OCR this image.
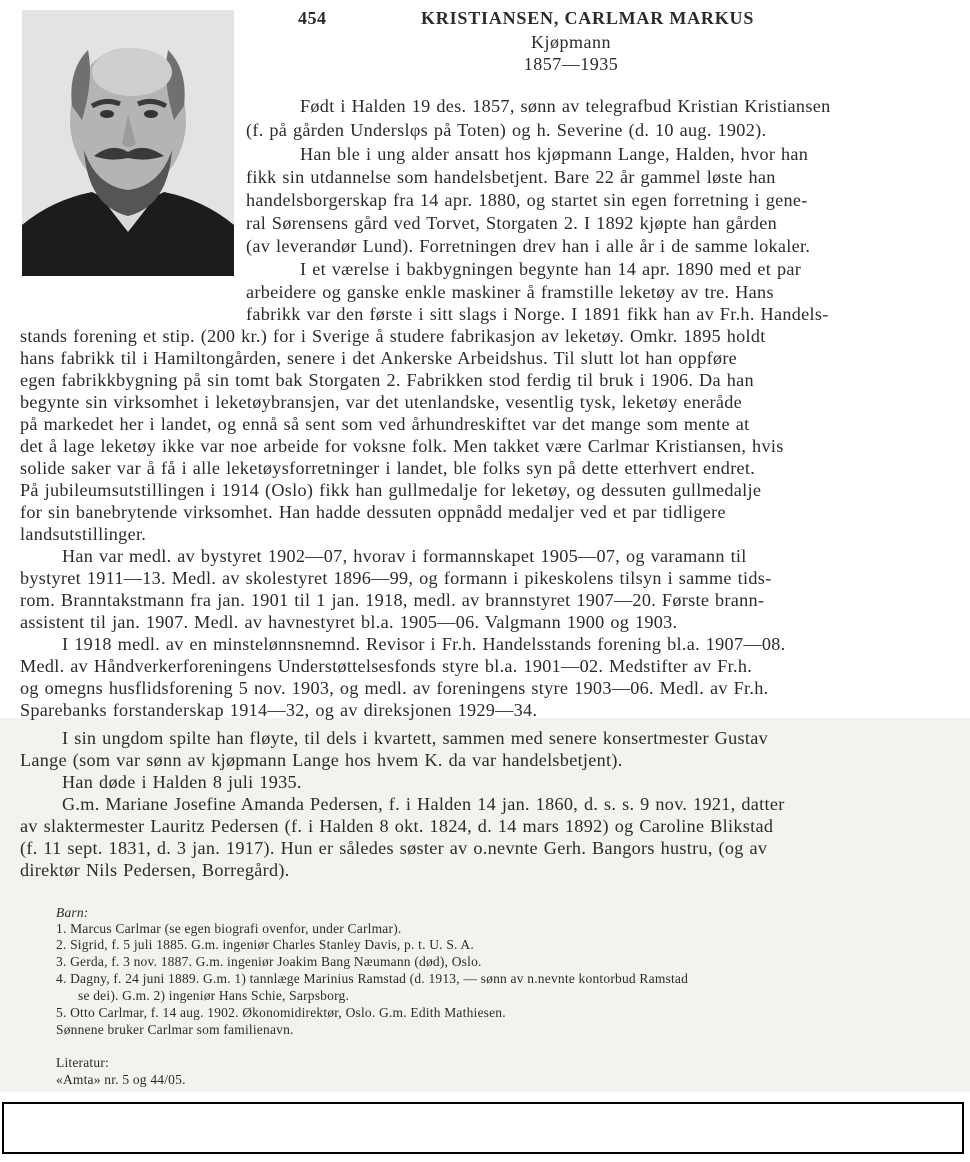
454	KRISTIANSEN, CARLMAR MARKUS
Kjøpmann
1857—1935
Født i Halden 19 des. 1857, sønn av telegrafbud Kristian Kristiansen
(f. på gården Underslφs på Toten) og h. Severine (d. 10 aug. 1902).
Han ble i ung alder ansatt hos kjøpmann Lange, Halden, hvor han
fikk sin utdannelse som handelsbetjent. Bare 22 år gammel løste han
handelsborgerskap fra 14 apr. 1880, og startet sin egen forretning i gene-
ral Sørensens gård ved Torvet, Storgaten 2. I 1892 kjøpte han gården
(av leverandør Lund). Forretningen drev han i alle år i de samme lokaler.
I et værelse i bakbygningen begynte han 14 apr. 1890 med et par
arbeidere og ganske enkle maskiner å framstille leketøy av tre. Hans
fabrikk var den første i sitt slags i Norge. I 1891 fikk han av Fr.h. Handels-
stands forening et stip. (200 kr.) for i Sverige å studere fabrikasjon av leketøy. Omkr. 1895 holdt
hans fabrikk til i Hamiltongården, senere i det Ankerske Arbeidshus. Til slutt lot han oppføre
egen fabrikkbygning på sin tomt bak Storgaten 2. Fabrikken stod ferdig til bruk i 1906. Da han
begynte sin virksomhet i leketøybransjen, var det utenlandske, vesentlig tysk, leketøy eneråde
på markedet her i landet, og ennå så sent som ved århundreskiftet var det mange som mente at
det å lage leketøy ikke var noe arbeide for voksne folk. Men takket være Carlmar Kristiansen, hvis
solide saker var å få i alle leketøysforretninger i landet, ble folks syn på dette etterhvert endret.
På jubileumsutstillingen i 1914 (Oslo) fikk han gullmedalje for leketøy, og dessuten gullmedalje
for sin banebrytende virksomhet. Han hadde dessuten oppnådd medaljer ved et par tidligere
landsutstillinger.
Han var medl. av bystyret 1902—07, hvorav i formannskapet 1905—07, og varamann til
bystyret 1911—13. Medl. av skolestyret 1896—99, og formann i pikeskolens tilsyn i samme tids-
rom. Branntakstmann fra jan. 1901 til 1 jan. 1918, medl. av brannstyret 1907—20. Første brann-
assistent til jan. 1907. Medl. av havnestyret bl.a. 1905—06. Valgmann 1900 og 1903.
I 1918 medl. av en minstelønnsnemnd. Revisor i Fr.h. Handelsstands forening bl.a. 1907—08.
Medl. av Håndverkerforeningens Understøttelsesfonds styre bl.a. 1901—02. Medstifter av Fr.h.
og omegns husflidsforening 5 nov. 1903, og medl. av foreningens styre 1903—06. Medl. av Fr.h.
Sparebanks forstanderskap 1914—32, og av direksjonen 1929—34.
I sin ungdom spilte han fløyte, til dels i kvartett, sammen med senere konsertmester Gustav
Lange (som var sønn av kjøpmann Lange hos hvem K. da var handelsbetjent).
Han døde i Halden 8 juli 1935.
G.m. Mariane Josefine Amanda Pedersen, f. i Halden 14 jan. 1860, d. s. s. 9 nov. 1921, datter
av slaktermester Lauritz Pedersen (f. i Halden 8 okt. 1824, d. 14 mars 1892) og Caroline Blikstad
(f. 11 sept. 1831, d. 3 jan. 1917). Hun er således søster av o.nevnte Gerh. Bangors hustru, (og av
direktør Nils Pedersen, Borregård).
Barn:
1. Marcus Carlmar (se egen biografi ovenfor, under Carlmar).
2. Sigrid, f. 5 juli 1885. G.m. ingeniør Charles Stanley Davis, p. t. U. S. A.
3. Gerda, f. 3 nov. 1887. G.m. ingeniør Joakim Bang Næumann (død), Oslo.
4. Dagny, f. 24 juni 1889. G.m. 1) tannlæge Marinius Ramstad (d. 1913, — sønn av n.nevnte kontorbud Ramstad
se dei). G.m. 2) ingeniør Hans Schie, Sarpsborg.
5. Otto Carlmar, f. 14 aug. 1902. Økonomidirektør, Oslo. G.m. Edith Mathiesen.
Sønnene bruker Carlmar som familienavn.
Literatur:
«Amta» nr. 5 og 44/05.
